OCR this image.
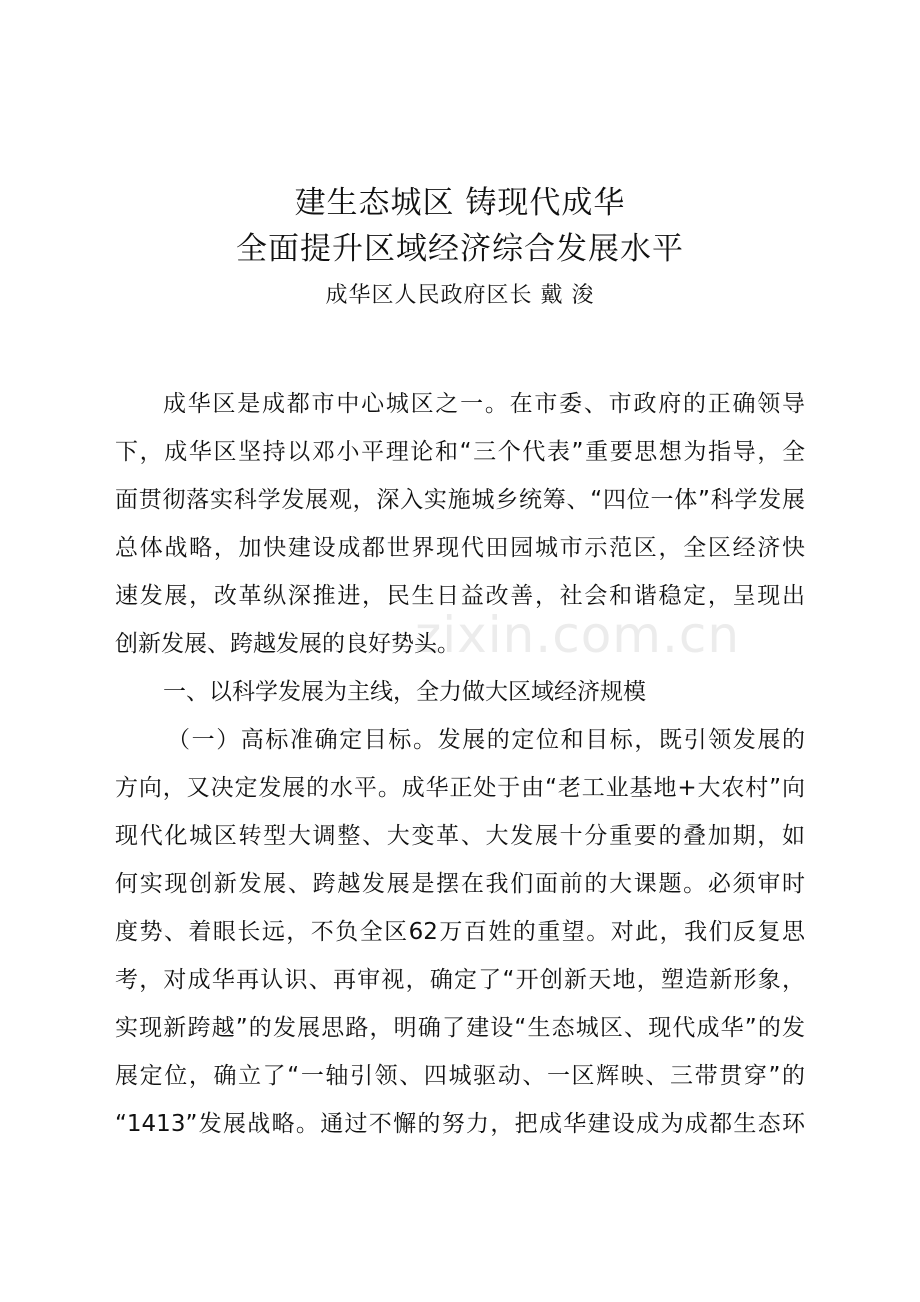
zixin.com.cn
建生态城区 铸现代成华
全面提升区域经济综合发展水平
成华区人民政府区长 戴 浚
成华区是成都市中心城区之一。在市委、市政府的正确领导
下，成华区坚持以邓小平理论和“三个代表”重要思想为指导，全
面贯彻落实科学发展观，深入实施城乡统筹、“四位一体”科学发展
总体战略，加快建设成都世界现代田园城市示范区，全区经济快
速发展，改革纵深推进，民生日益改善，社会和谐稳定，呈现出
创新发展、跨越发展的良好势头。
一、以科学发展为主线，全力做大区域经济规模
（一）高标准确定目标。发展的定位和目标，既引领发展的
方向，又决定发展的水平。成华正处于由“老工业基地+大农村”向
现代化城区转型大调整、大变革、大发展十分重要的叠加期，如
何实现创新发展、跨越发展是摆在我们面前的大课题。必须审时
度势、着眼长远，不负全区62万百姓的重望。对此，我们反复思
考，对成华再认识、再审视，确定了“开创新天地，塑造新形象，
实现新跨越”的发展思路，明确了建设“生态城区、现代成华”的发
展定位，确立了“一轴引领、四城驱动、一区辉映、三带贯穿”的
“1413”发展战略。通过不懈的努力，把成华建设成为成都生态环
